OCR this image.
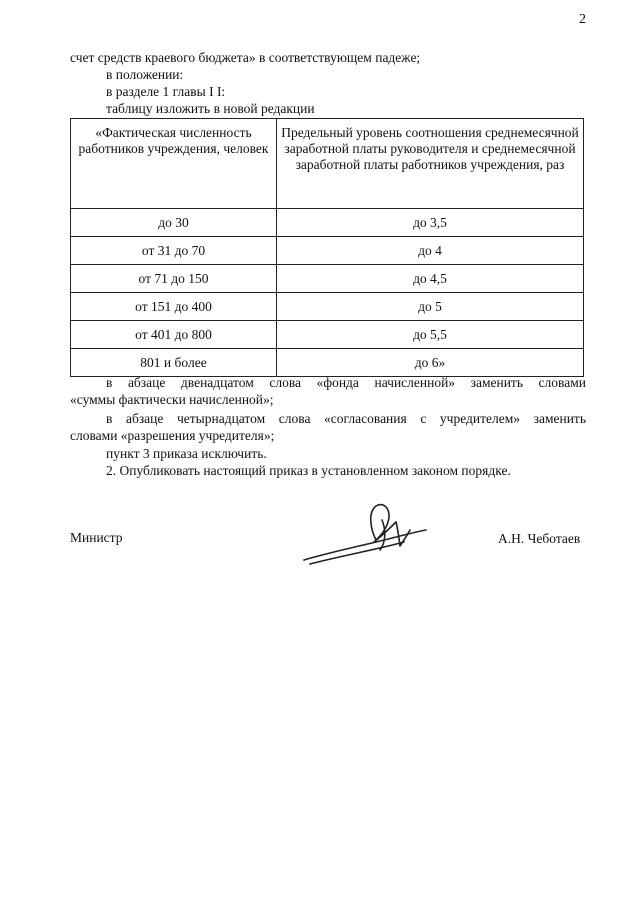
2
счет средств краевого бюджета» в соответствующем падеже;
в положении:
в разделе 1 главы I I:
таблицу изложить в новой редакции
«Фактическая численность работников учреждения, человек	Предельный уровень соотношения среднемесячной заработной платы руководителя и среднемесячной заработной платы работников учреждения, раз
до 30	до 3,5
от 31 до 70	до 4
от 71 до 150	до 4,5
от 151 до 400	до 5
от 401 до 800	до 5,5
801 и более	до 6»
в абзаце двенадцатом слова «фонда начисленной» заменить словами
«суммы фактически начисленной»;
в абзаце четырнадцатом слова «согласования с учредителем» заменить
словами «разрешения учредителя»;
пункт 3 приказа исключить.
2. Опубликовать настоящий приказ в установленном законом порядке.
Министр	А.Н. Чеботаев
